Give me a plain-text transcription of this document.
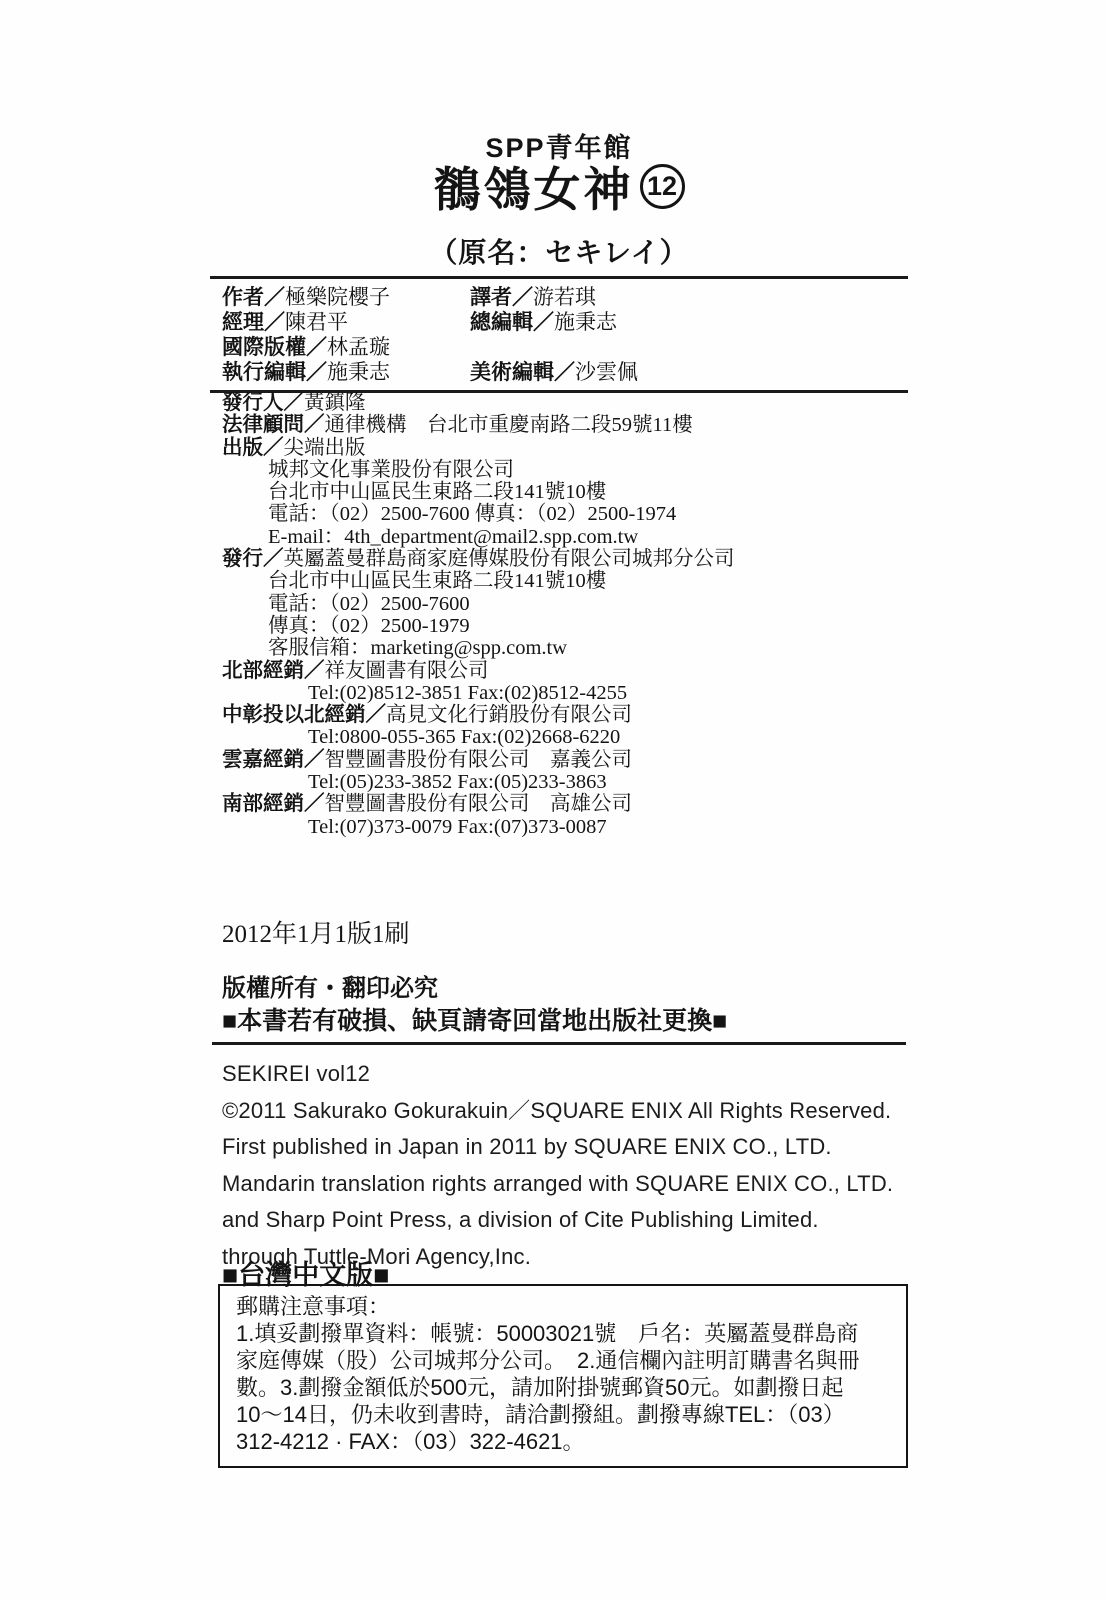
SPP青年館
鶺鴒女神 12
（原名：セキレイ）
作者／極樂院櫻子	譯者／游若琪
經理／陳君平	總編輯／施秉志
國際版權／林孟璇
執行編輯／施秉志	美術編輯／沙雲佩
發行人／黃鎮隆
法律顧問／通律機構　台北市重慶南路二段59號11樓
出版／尖端出版
城邦文化事業股份有限公司
台北市中山區民生東路二段141號10樓
電話：（02）2500-7600 傳真：（02）2500-1974
E-mail：4th_department@mail2.spp.com.tw
發行／英屬蓋曼群島商家庭傳媒股份有限公司城邦分公司
台北市中山區民生東路二段141號10樓
電話：（02）2500-7600
傳真：（02）2500-1979
客服信箱：marketing@spp.com.tw
北部經銷／祥友圖書有限公司
Tel:(02)8512-3851 Fax:(02)8512-4255
中彰投以北經銷／高見文化行銷股份有限公司
Tel:0800-055-365 Fax:(02)2668-6220
雲嘉經銷／智豐圖書股份有限公司　嘉義公司
Tel:(05)233-3852 Fax:(05)233-3863
南部經銷／智豐圖書股份有限公司　高雄公司
Tel:(07)373-0079 Fax:(07)373-0087
2012年1月1版1刷
版權所有・翻印必究
■本書若有破損、缺頁請寄回當地出版社更換■
SEKIREI vol12
©2011 Sakurako Gokurakuin／SQUARE ENIX All Rights Reserved.
First published in Japan in 2011 by SQUARE ENIX CO., LTD.
Mandarin translation rights arranged with SQUARE ENIX CO., LTD.
and Sharp Point Press, a division of Cite Publishing Limited.
through Tuttle-Mori Agency,Inc.
■台灣中文版■
郵購注意事項：
1.填妥劃撥單資料：帳號：50003021號　戶名：英屬蓋曼群島商
家庭傳媒（股）公司城邦分公司。　2.通信欄內註明訂購書名與冊
數。3.劃撥金額低於500元，請加附掛號郵資50元。如劃撥日起
10～14日，仍未收到書時，請洽劃撥組。劃撥專線TEL：（03）
312-4212 · FAX：（03）322-4621。
